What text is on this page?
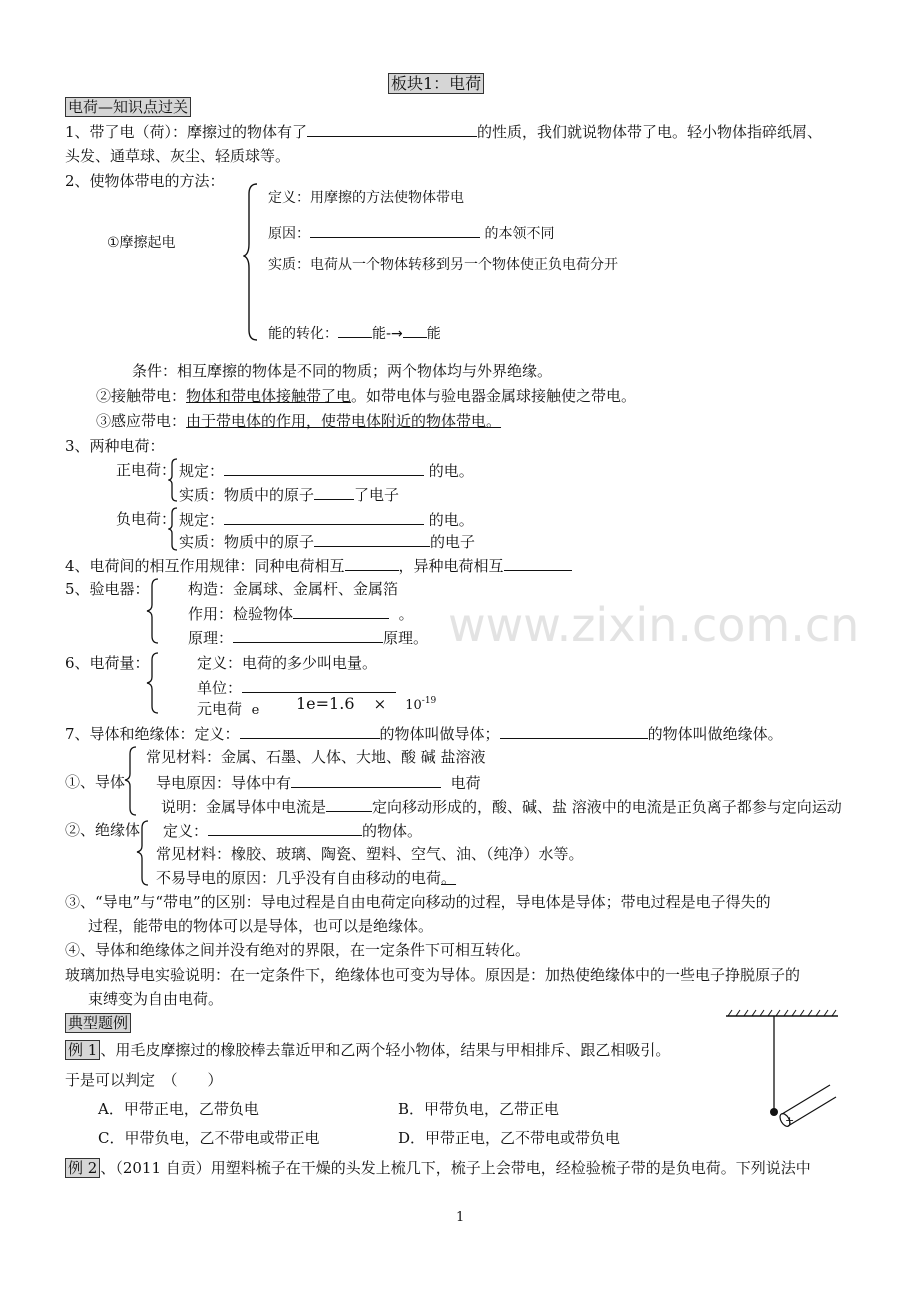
www.zixin.com.cn
板块1：电荷
电荷—知识点过关
1、带了电（荷）：摩擦过的物体有了	的性质，我们就说物体带了电。轻小物体指碎纸屑、
头发、通草球、灰尘、轻质球等。
2、使物体带电的方法：
①摩擦起电
定义：用摩擦的方法使物体带电
原因：	的本领不同
实质：电荷从一个物体转移到另一个物体使正负电荷分开
能的转化： 能-→ 能
条件：相互摩擦的物体是不同的物质；两个物体均与外界绝缘。
②接触带电：物体和带电体接触带了电。如带电体与验电器金属球接触使之带电。
③感应带电：由于带电体的作用，使带电体附近的物体带电。
3、两种电荷：
正电荷： 规定：	的电。
实质：物质中的原子	了电子
负电荷： 规定：	的电。
实质：物质中的原子	的电子
4、电荷间的相互作用规律：同种电荷相互	，异种电荷相互
5、验电器：	构造：金属球、金属杆、金属箔
作用：检验物体	。
原理：	原理。
6、电荷量：	定义：电荷的多少叫电量。
单位：
元电荷 e $1e=1.6 \times 10^{-19}$
7、导体和绝缘体：定义：	的物体叫做导体；	的物体叫做绝缘体。
常见材料：金属、石墨、人体、大地、酸 碱 盐溶液
①、导体 导电原因：导体中有	电荷
说明：金属导体中电流是	定向移动形成的，酸、碱、盐 溶液中的电流是正负离子都参与定向运动
②、绝缘体 定义：	的物体。
常见材料：橡胶、玻璃、陶瓷、塑料、空气、油、（纯净）水等。
不易导电的原因：几乎没有自由移动的电荷。
③、“导电”与“带电”的区别：导电过程是自由电荷定向移动的过程，导电体是导体；带电过程是电子得失的
过程，能带电的物体可以是导体，也可以是绝缘体。
④、导体和绝缘体之间并没有绝对的界限，在一定条件下可相互转化。
玻璃加热导电实验说明：在一定条件下，绝缘体也可变为导体。原因是：加热使绝缘体中的一些电子挣脱原子的
束缚变为自由电荷。
典型题例
例 1 、用毛皮摩擦过的橡胶棒去靠近甲和乙两个轻小物体，结果与甲相排斥、跟乙相吸引。
于是可以判定　（　　）
A．甲带正电，乙带负电	B．甲带负电，乙带正电
C．甲带负电，乙不带电或带正电	D．甲带正电，乙不带电或带负电
例 2 、（2011 自贡）用塑料梳子在干燥的头发上梳几下，梳子上会带电，经检验梳子带的是负电荷。下列说法中
+
1
